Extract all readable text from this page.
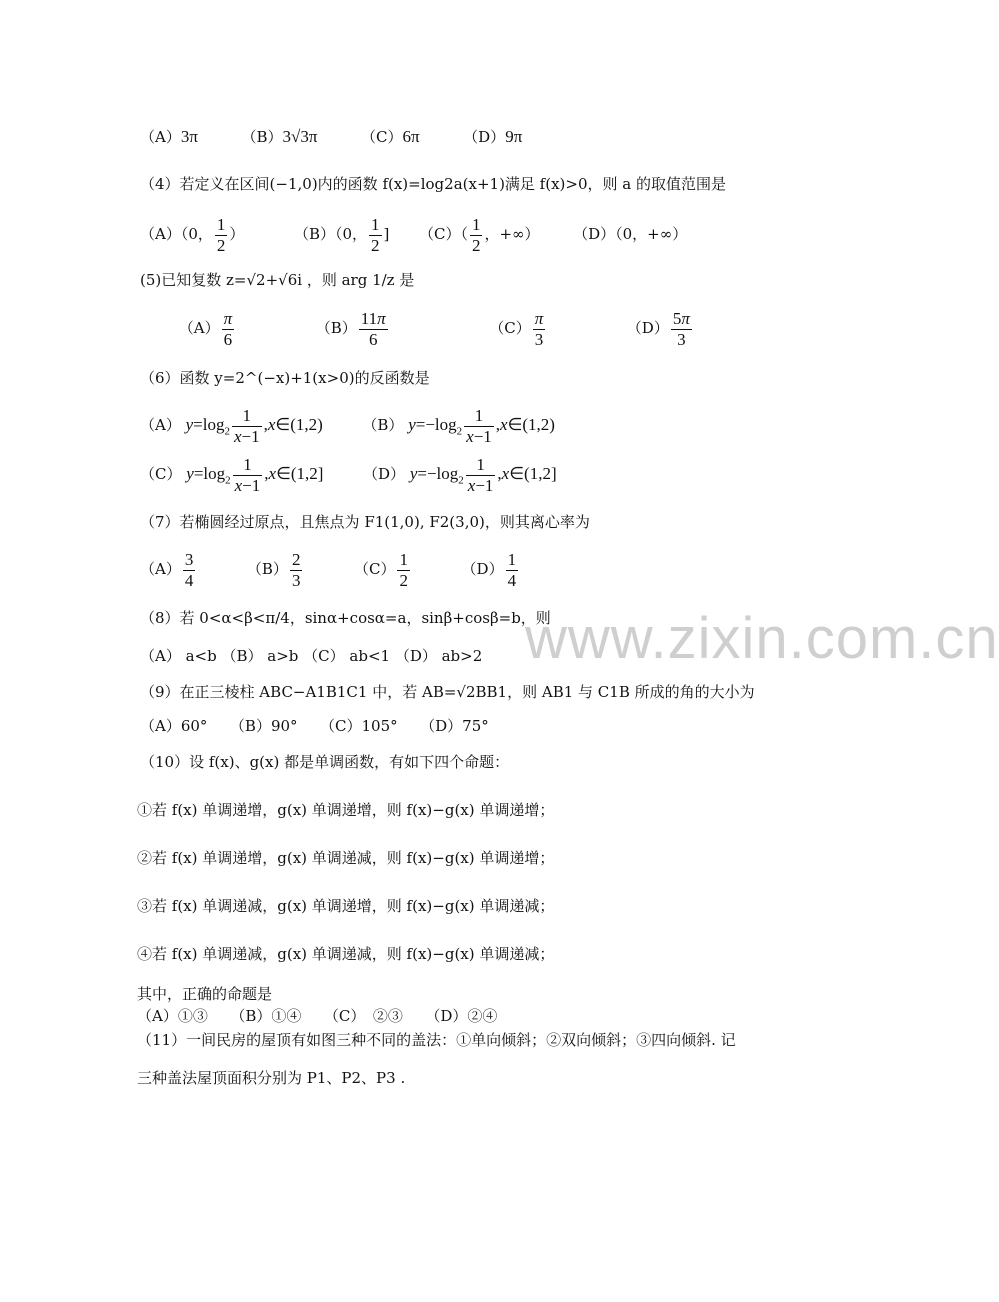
（A）3π	（B）3√3π	（C）6π	（D）9π
（4）若定义在区间(−1,0)内的函数 f(x)=log2a(x+1)满足 f(x)>0，则 a 的取值范围是
（A）（0， $\frac{1}{2}$ ）	（B）（0， $\frac{1}{2}$ ] $(C)( \frac{1}{2}$ ，+∞） （D）（0，+∞）
(5)已知复数 z=√2+√6i ，则 arg 1/z 是
$(A) \frac{\pi}{6}$	$(B) \frac{11\pi}{6}$	$(C) \frac{\pi}{3}$	$(D) \frac{5\pi}{3}$
（6）函数 y=2^(−x)+1(x>0)的反函数是
（A） $y=\log_2 \frac{1}{x-1}$ ,x∈(1,2)	（B） $y=-\log_2 \frac{1}{x-1}$ ,x∈(1,2)
（C） $y=\log_2 \frac{1}{x-1}$ ,x∈(1,2]	（D） $y=-\log_2 \frac{1}{x-1}$ ,x∈(1,2]
（7）若椭圆经过原点，且焦点为 F1(1,0), F2(3,0)，则其离心率为
$(A) \frac{3}{4}$	$(B) \frac{2}{3}$	$(C) \frac{1}{2}$	$(D) \frac{1}{4}$
（8）若 0<α<β<π/4，sinα+cosα=a，sinβ+cosβ=b，则
（A） a<b （B） a>b （C） ab<1 （D） ab>2
（9）在正三棱柱 ABC−A1B1C1 中，若 AB=√2BB1，则 AB1 与 C1B 所成的角的大小为
（A）60°　　（B）90°　　（C）105°　　（D）75°
（10）设 f(x)、g(x) 都是单调函数，有如下四个命题：
①若 f(x) 单调递增，g(x) 单调递增，则 f(x)−g(x) 单调递增；
②若 f(x) 单调递增，g(x) 单调递减，则 f(x)−g(x) 单调递增；
③若 f(x) 单调递减，g(x) 单调递增，则 f(x)−g(x) 单调递减；
④若 f(x) 单调递减，g(x) 单调递减，则 f(x)−g(x) 单调递减；
其中，正确的命题是
（A）①③　　（B）①④　　（C）　②③　　（D）②④
（11）一间民房的屋顶有如图三种不同的盖法：①单向倾斜；②双向倾斜；③四向倾斜. 记
三种盖法屋顶面积分别为 P1、P2、P3 .
www.zixin.com.cn
